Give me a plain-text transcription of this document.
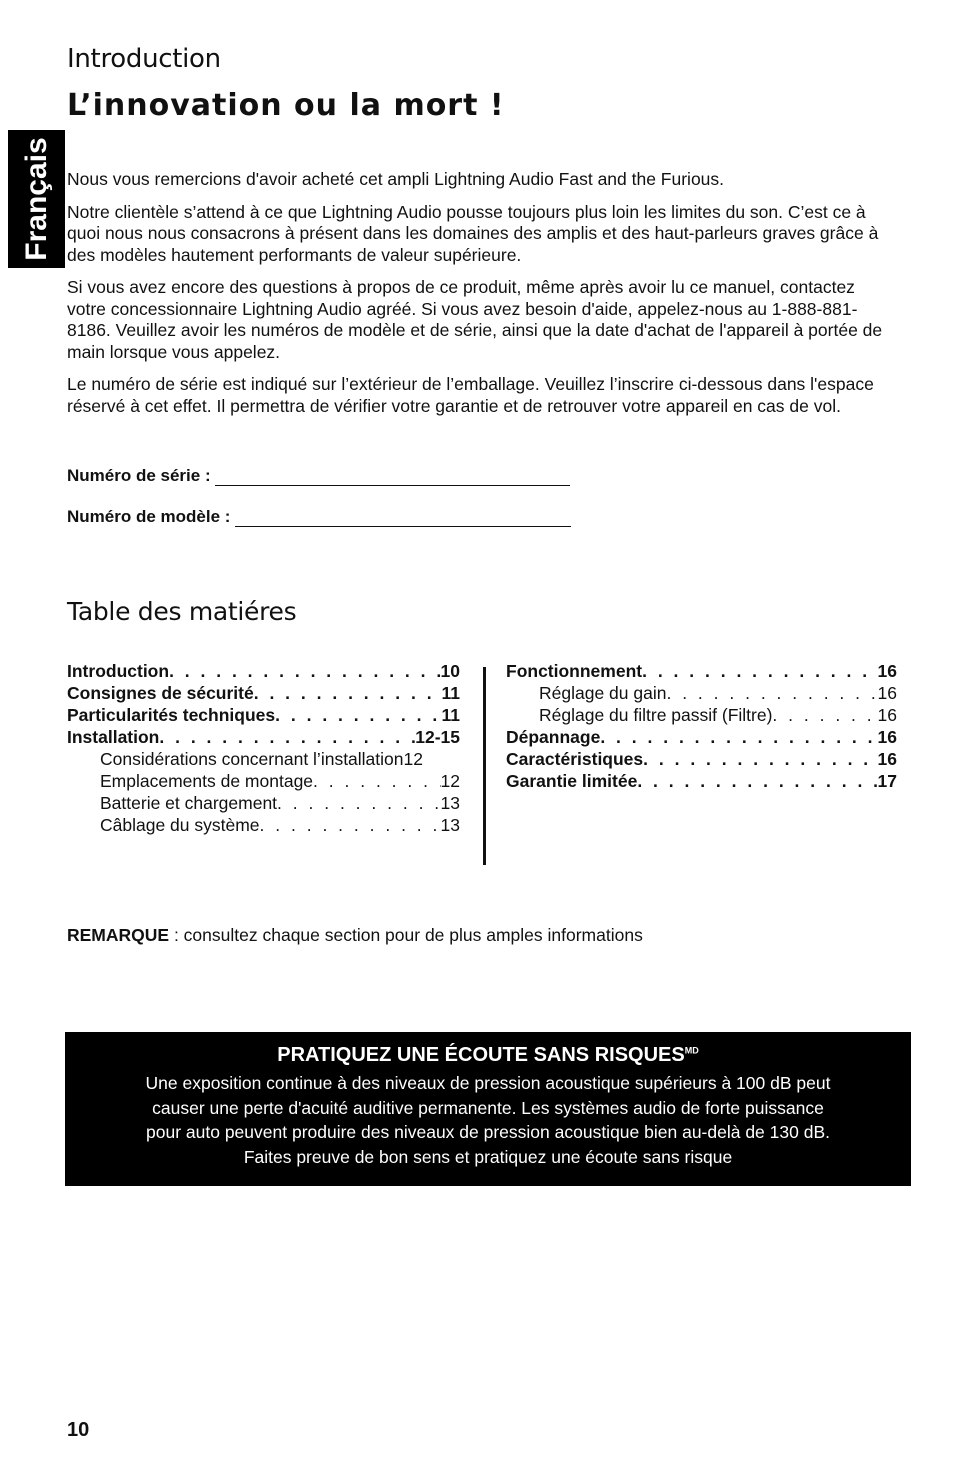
Introduction
L’innovation ou la mort !
Français Nous vous remercions d'avoir acheté cet ampli Lightning Audio Fast and the Furious.

Notre clientèle s’attend à ce que Lightning Audio pousse toujours plus loin les limites du son. C’est ce à quoi nous nous consacrons à présent dans les domaines des amplis et des haut-parleurs graves grâce à des modèles hautement performants de valeur supérieure.

Si vous avez encore des questions à propos de ce produit, même après avoir lu ce manuel, contactez votre concessionnaire Lightning Audio agréé. Si vous avez besoin d'aide, appelez-nous au 1-888-881-8186. Veuillez avoir les numéros de modèle et de série, ainsi que la date d'achat de l'appareil à portée de main lorsque vous appelez.

Le numéro de série est indiqué sur l’extérieur de l’emballage. Veuillez l’inscrire ci-dessous dans l'espace réservé à cet effet. Il permettra de vérifier votre garantie et de retrouver votre appareil en cas de vol.

Numéro de série :
Numéro de modèle :
Table des matiéres
Introduction . . .	10
Consignes de sécurité . . .	11
Particularités techniques . . .	11
Installation . . .	12-15
Considérations concernant l’installation 12
Emplacements de montage . . .	12
Batterie et chargement . . .	13
Câblage du système . . .	13
Fonctionnement . . .	16
Réglage du gain . . .	16
Réglage du filtre passif (Filtre) . . .	16
Dépannage . . .	16
Caractéristiques . . .	16
Garantie limitée . . .	17
REMARQUE : consultez chaque section pour de plus amples informations
PRATIQUEZ UNE ÉCOUTE SANS $RISQUES^{MD}$
Une exposition continue à des niveaux de pression acoustique supérieurs à 100 dB peut
causer une perte d'acuité auditive permanente. Les systèmes audio de forte puissance
pour auto peuvent produire des niveaux de pression acoustique bien au-delà de 130 dB.
Faites preuve de bon sens et pratiquez une écoute sans risque
10
